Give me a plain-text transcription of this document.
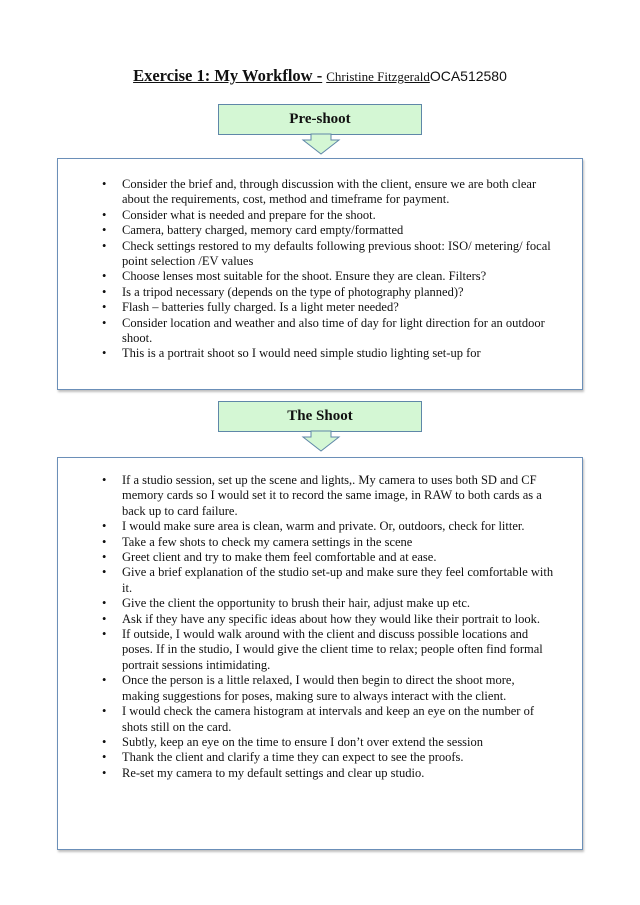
Exercise 1: My Workflow - Christine FitzgeraldOCA512580
Pre-shoot
• Consider the brief and, through discussion with the client, ensure we are both clear about the requirements, cost, method and timeframe for payment.
• Consider what is needed and prepare for the shoot.
• Camera, battery charged, memory card empty/formatted
• Check settings restored to my defaults following previous shoot: ISO/ metering/ focal point selection /EV values
• Choose lenses most suitable for the shoot. Ensure they are clean. Filters?
• Is a tripod necessary (depends on the type of photography planned)?
• Flash – batteries fully charged. Is a light meter needed?
• Consider location and weather and also time of day for light direction for an outdoor shoot.
• This is a portrait shoot so I would need simple studio lighting set-up for
The Shoot
• If a studio session, set up the scene and lights,. My camera to uses both SD and CF memory cards so I would set it to record the same image, in RAW to both cards as a back up to card failure.
• I would make sure area is clean, warm and private. Or, outdoors, check for litter.
• Take a few shots to check my camera settings in the scene
• Greet client and try to make them feel comfortable and at ease.
• Give a brief explanation of the studio set-up and make sure they feel comfortable with it.
• Give the client the opportunity to brush their hair, adjust make up etc.
• Ask if they have any specific ideas about how they would like their portrait to look.
• If outside, I would walk around with the client and discuss possible locations and poses. If in the studio, I would give the client time to relax; people often find formal portrait sessions intimidating.
• Once the person is a little relaxed, I would then begin to direct the shoot more, making suggestions for poses, making sure to always interact with the client.
• I would check the camera histogram at intervals and keep an eye on the number of shots still on the card.
• Subtly, keep an eye on the time to ensure I don’t over extend the session
• Thank the client and clarify a time they can expect to see the proofs.
• Re-set my camera to my default settings and clear up studio.
